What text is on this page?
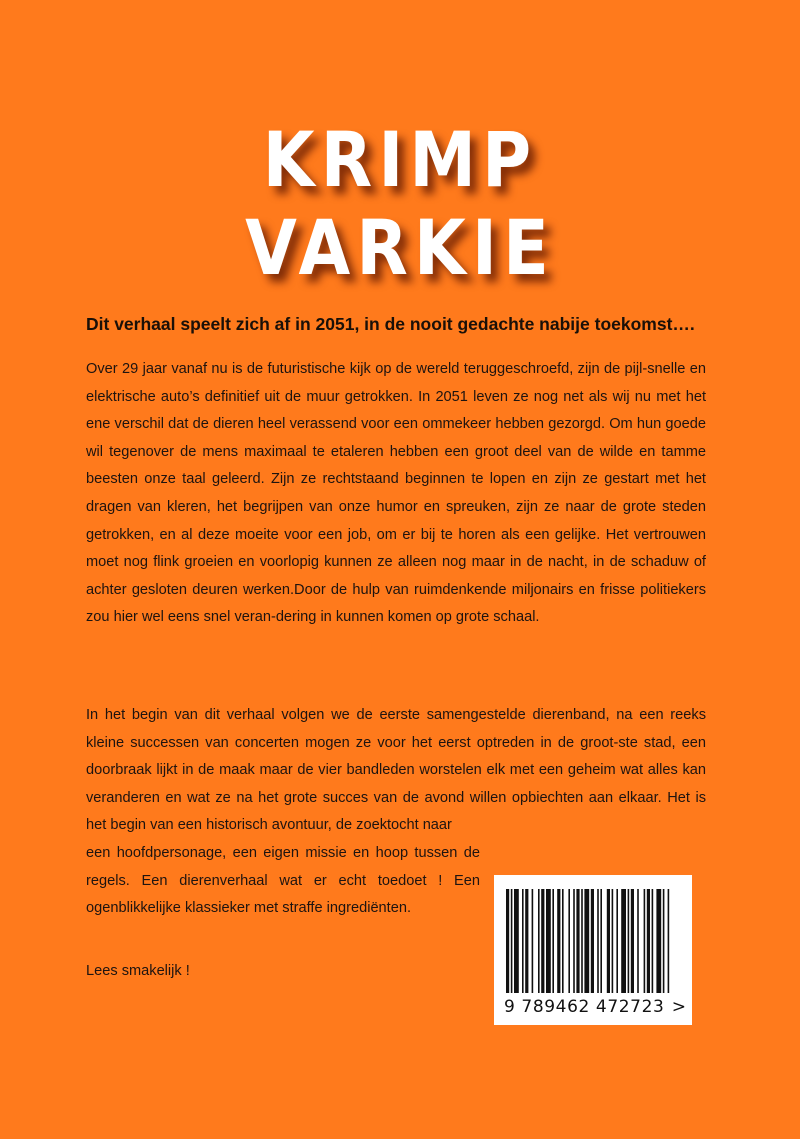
KRIMP
VARKIE
Dit verhaal speelt zich af in 2051, in de nooit gedachte nabije toekomst….
Over 29 jaar vanaf nu is de futuristische kijk op de wereld teruggeschroefd, zijn de pijl-snelle en elektrische auto’s definitief uit de muur getrokken. In 2051 leven ze nog net als wij nu met het ene verschil dat de dieren heel verassend voor een ommekeer hebben gezorgd. Om hun goede wil tegenover de mens maximaal te etaleren hebben een groot deel van de wilde en tamme beesten onze taal geleerd. Zijn ze rechtstaand beginnen te lopen en zijn ze gestart met het dragen van kleren, het begrijpen van onze humor en spreuken, zijn ze naar de grote steden getrokken, en al deze moeite voor een job, om er bij te horen als een gelijke. Het vertrouwen moet nog flink groeien en voorlopig kunnen ze alleen nog maar in de nacht, in de schaduw of achter gesloten deuren werken.Door de hulp van ruimdenkende miljonairs en frisse politiekers zou hier wel eens snel veran-dering in kunnen komen op grote schaal.
In het begin van dit verhaal volgen we de eerste samengestelde dierenband, na een reeks kleine successen van concerten mogen ze voor het eerst optreden in de groot-ste stad, een doorbraak lijkt in de maak maar de vier bandleden worstelen elk met een geheim wat alles kan veranderen en wat ze na het grote succes van de avond willen opbiechten aan elkaar. Het is het begin van een historisch avontuur, de zoektocht naar
een hoofdpersonage, een eigen missie en hoop tussen de regels. Een dierenverhaal wat er echt toedoet ! Een ogenblikkelijke klassieker met straffe ingrediënten.
Lees smakelijk !
9 789462 472723 >
